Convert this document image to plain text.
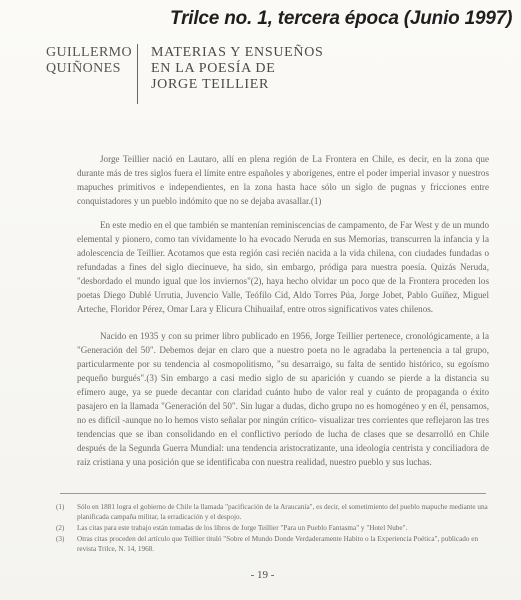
Trilce no. 1, tercera época (Junio 1997)
GUILLERMO QUIÑONES
MATERIAS Y ENSUEÑOS
EN LA POESÍA DE
JORGE TEILLIER

Jorge Teillier nació en Lautaro, allí en plena región de La Frontera en Chile, es decir, en la zona que durante más de tres siglos fuera el límite entre españoles y aborígenes, entre el poder imperial invasor y nuestros mapuches primitivos e independientes, en la zona hasta hace sólo un siglo de pugnas y fricciones entre conquistadores y un pueblo indómito que no se dejaba avasallar.(1)

En este medio en el que también se mantenían reminiscencias de campamento, de Far West y de un mundo elemental y pionero, como tan vívidamente lo ha evocado Neruda en sus Memorias, transcurren la infancia y la adolescencia de Teillier. Acotamos que esta región casi recién nacida a la vida chilena, con ciudades fundadas o refundadas a fines del siglo diecinueve, ha sido, sin embargo, pródiga para nuestra poesía. Quizás Neruda, "desbordado el mundo igual que los inviernos"(2), haya hecho olvidar un poco que de la Frontera proceden los poetas Diego Dublé Urrutia, Juvencio Valle, Teófilo Cid, Aldo Torres Púa, Jorge Jobet, Pablo Guíñez, Miguel Arteche, Floridor Pérez, Omar Lara y Elicura Chihuailaf, entre otros significativos vates chilenos.

Nacido en 1935 y con su primer libro publicado en 1956, Jorge Teillier pertenece, cronológicamente, a la "Generación del 50". Debemos dejar en claro que a nuestro poeta no le agradaba la pertenencia a tal grupo, particularmente por su tendencia al cosmopolitismo, "su desarraigo, su falta de sentido histórico, su egoísmo pequeño burgués".(3) Sin embargo a casi medio siglo de su aparición y cuando se pierde a la distancia su efímero auge, ya se puede decantar con claridad cuánto hubo de valor real y cuánto de propaganda o éxito pasajero en la llamada "Generación del 50". Sin lugar a dudas, dicho grupo no es homogéneo y en él, pensamos, no es difícil -aunque no lo hemos visto señalar por ningún crítico- visualizar tres corrientes que reflejaron las tres tendencias que se iban consolidando en el conflictivo período de lucha de clases que se desarrolló en Chile después de la Segunda Guerra Mundial: una tendencia aristocratizante, una ideología centrista y conciliadora de raíz cristiana y una posición que se identificaba con nuestra realidad, nuestro pueblo y sus luchas.

(1)	Sólo en 1881 logra el gobierno de Chile la llamada "pacificación de la Araucanía", es decir, el sometimiento del pueblo mapuche mediante una planificada campaña militar, la erradicación y el despojo.
(2)	Las citas para este trabajo están tomadas de los libros de Jorge Teillier "Para un Pueblo Fantasma" y "Hotel Nube".
(3)	Otras citas proceden del artículo que Teillier tituló "Sobre el Mundo Donde Verdaderamente Habito o la Experiencia Poética", publicado en revista Trilce, N. 14, 1968.
- 19 -
